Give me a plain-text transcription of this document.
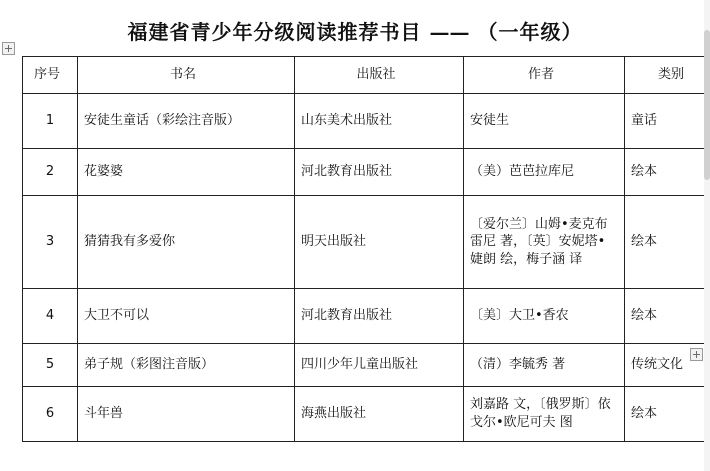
福建省青少年分级阅读推荐书目 —— （一年级）
序号	书名	出版社	作者	类别
1	安徒生童话（彩绘注音版）	山东美术出版社	安徒生	童话
2	花婆婆	河北教育出版社	（美）芭芭拉库尼	绘本
3	猜猜我有多爱你	明天出版社	〔爱尔兰〕山姆•麦克布雷尼 著，〔英〕安妮塔•婕朗 绘，梅子涵 译	绘本
4	大卫不可以	河北教育出版社	〔美〕大卫•香农	绘本
5	弟子规（彩图注音版）	四川少年儿童出版社	（清）李毓秀 著	传统文化
6	斗年兽	海燕出版社	刘嘉路 文，〔俄罗斯〕依戈尔•欧尼可夫 图	绘本
